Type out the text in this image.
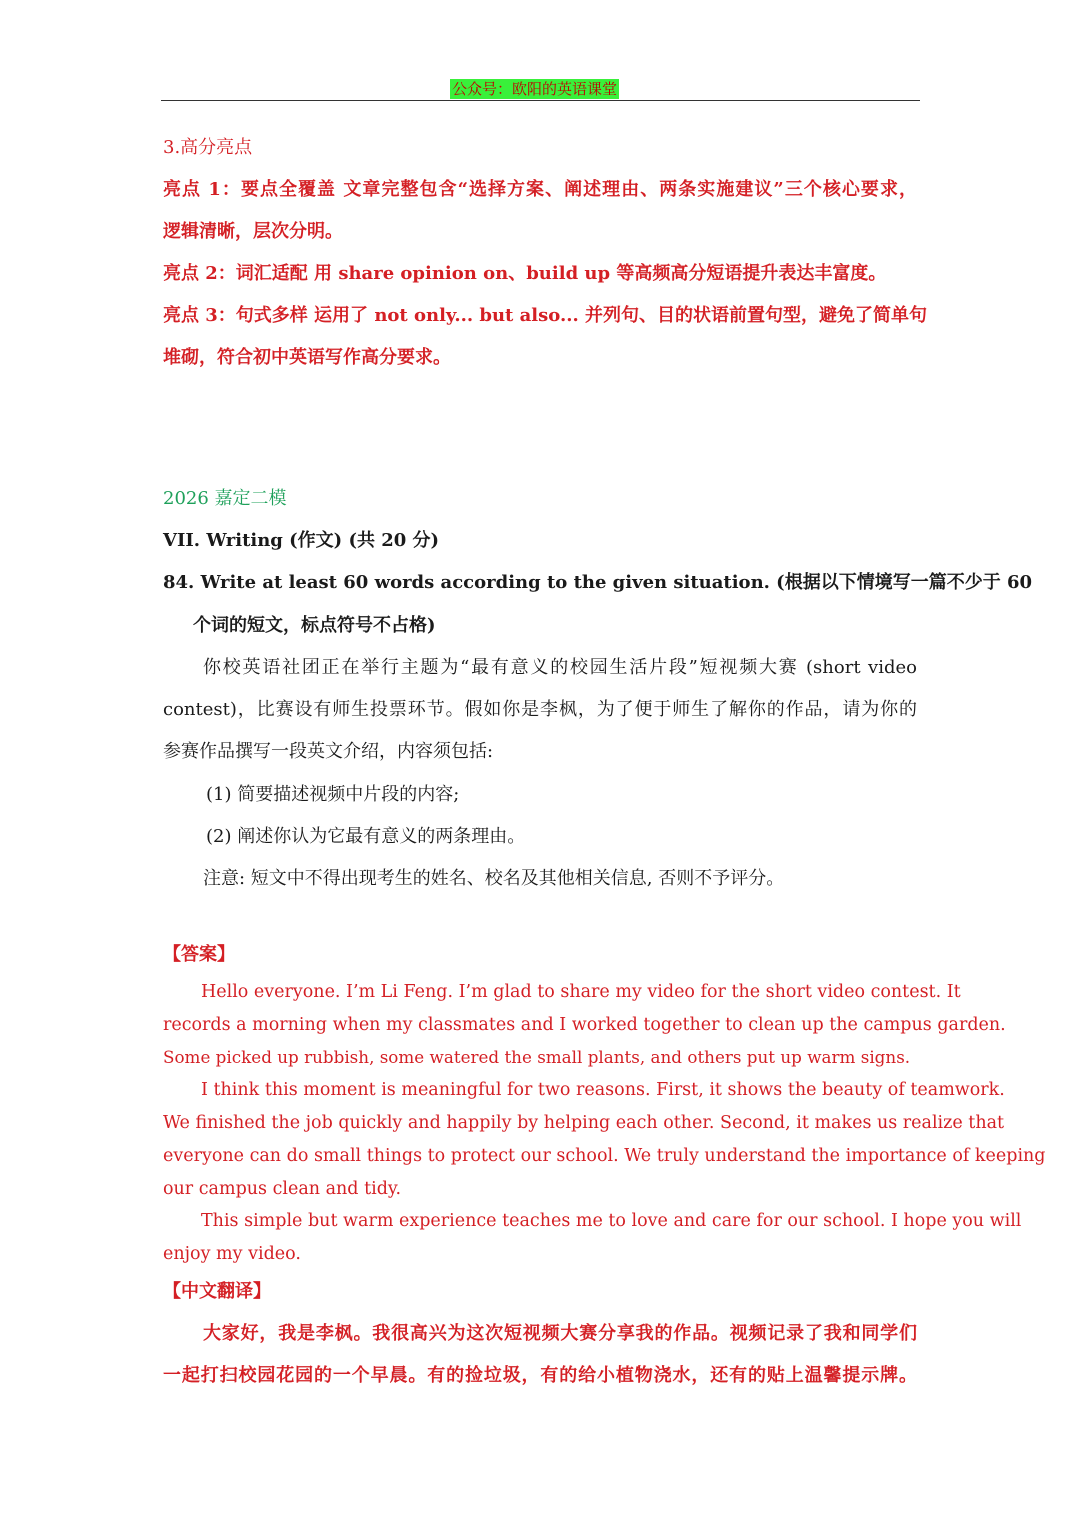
公众号：欧阳的英语课堂
3.高分亮点
亮点 1：要点全覆盖 文章完整包含“选择方案、阐述理由、两条实施建议”三个核心要求，
逻辑清晰，层次分明。
亮点 2：词汇适配 用 share opinion on、build up 等高频高分短语提升表达丰富度。
亮点 3：句式多样 运用了 not only... but also... 并列句、目的状语前置句型，避免了简单句
堆砌，符合初中英语写作高分要求。
2026 嘉定二模
VII. Writing (作文) (共 20 分)
84. Write at least 60 words according to the given situation. (根据以下情境写一篇不少于 60
个词的短文，标点符号不占格)
你校英语社团正在举行主题为“最有意义的校园生活片段”短视频大赛 (short video
contest)，比赛设有师生投票环节。假如你是李枫，为了便于师生了解你的作品，请为你的
参赛作品撰写一段英文介绍，内容须包括:
(1) 简要描述视频中片段的内容;
(2) 阐述你认为它最有意义的两条理由。
注意: 短文中不得出现考生的姓名、校名及其他相关信息, 否则不予评分。
【答案】
Hello everyone. I’m Li Feng. I’m glad to share my video for the short video contest. It
records a morning when my classmates and I worked together to clean up the campus garden.
Some picked up rubbish, some watered the small plants, and others put up warm signs.
I think this moment is meaningful for two reasons. First, it shows the beauty of teamwork.
We finished the job quickly and happily by helping each other. Second, it makes us realize that
everyone can do small things to protect our school. We truly understand the importance of keeping
our campus clean and tidy.
This simple but warm experience teaches me to love and care for our school. I hope you will
enjoy my video.
【中文翻译】
大家好，我是李枫。我很高兴为这次短视频大赛分享我的作品。视频记录了我和同学们
一起打扫校园花园的一个早晨。有的捡垃圾，有的给小植物浇水，还有的贴上温馨提示牌。
